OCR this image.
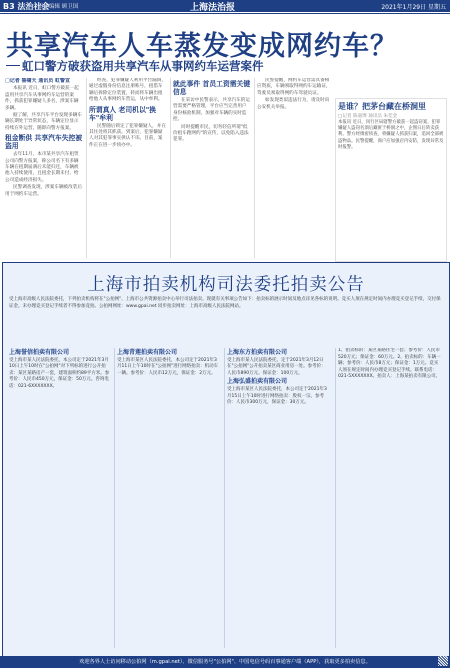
B3 法治社会
责任编辑 顾卫国	上海法治报	2021年1月29日 星期五
共享汽车人车蒸发变成网约车？
虹口警方破获盗用共享汽车从事网约车运营案件
□记者 鲁啸天 通讯员 虹警宣

本报讯 近日，虹口警方破获一起盗用共享汽车从事网约车运营的案件，抓获犯罪嫌疑人多名，涉案车辆多辆。

据了解，共享汽车平台发现多辆车辆长期处于异常状态，车辆定位显示持续在外运营，随即向警方报案。

租金断供 共享汽车失控被盗用

去年11月，本市某共享汽车租赁公司向警方报案，称公司名下有多辆车辆在租期届满后未能归还，车辆被他人持续使用，且租金长期未付，给公司造成经济损失。

民警调查发现，涉案车辆被改装后用于网约车运营。

经查，犯罪嫌疑人利用平台漏洞，通过虚假身份信息注册账号，租借车辆后拆除定位装置，转而将车辆出租给他人从事网约车营运，从中牟利。

所谓真人 老司机以"换车"牟利

民警随后锁定了犯罪嫌疑人，并在其住处将其抓获。到案后，犯罪嫌疑人对其犯罪事实供认不讳。目前，案件正在进一步侦办中。

就此事件 首员工资需关键信息

在采访中民警表示，共享汽车的运营需要严格管理，平台应当完善用户身份核验机制，加强对车辆的实时监控。

同时提醒市民，切勿轻信所谓"低价租车跑网约"的宣传，以免陷入违法犯罪。

民警提醒，网约车运营需具备相应资质，车辆须取得网约车运输证，驾驶员须取得网约车驾驶员证。

如发现类似违法行为，请及时向公安机关举报。	是谁？把茅台藏在桥洞里
□记者 陈嘉博 通讯员 朱佳金
本报讯 近日，闵行区局辖警方破获一起盗窃案，犯罪嫌疑人盗窃名酒后藏匿于桥洞之中，企图日后转卖获利。警方经缜密侦查，将嫌疑人抓获归案，追回全部被盗物品。民警提醒，商户应加强店内安防，发现异常及时报警。
上海市拍卖机构司法委托拍卖公告

受上海市高级人民法院委托，下列拍卖机构将在"公拍网"、上海市公共资源拍卖中心举行司法拍卖。现就有关事项公告如下：拍卖标的展示时间及地点详见各标的说明。竞买人须在规定时间内办理竞买登记手续，交付保证金。未办理竞买登记手续者不得参加竞拍。公拍网网址：www.gpai.net 同步拍卖网址：上海市高级人民法院网站。

上海誉信拍卖有限公司

受上海市某人民法院委托，本公司定于2021年3月10日上午10时在"公拍网"对下列标的进行公开拍卖：某区某路房产一套，建筑面积约89平方米。参考价：人民币450万元，保证金：50万元。咨询电话：021-6XXXXXXX。

上海青莲拍卖有限公司

受上海市某区人民法院委托，本公司定于2021年3月11日上午10时在"公拍网"进行网络拍卖：机动车一辆。参考价：人民币12万元，保证金：2万元。

上海东方拍卖有限公司

受上海市某人民法院委托，定于2021年3月12日在"公拍网"公开拍卖某区商业用房一处。参考价：人民币890万元。保证金：100万元。

上海弘盛拍卖有限公司

受上海市某区人民法院委托，本公司定于2021年3月15日上午10时进行网络拍卖：股权一宗。参考价：人民币300万元，保证金：30万元。

1、拍卖标的：某区某路住宅一套；参考价：人民币520万元；保证金：60万元。2、拍卖标的：车辆一辆；参考价：人民币8万元；保证金：1万元。竞买人须在规定时间内办理竞买登记手续。联系电话：021-5XXXXXXX。拍卖人：上海某拍卖有限公司。

欢迎各界人士访问移动公拍网（m.gpai.net）、微信服务号"公拍网"、中国电信号码百事通客户端（APP），获取更多拍卖信息。
